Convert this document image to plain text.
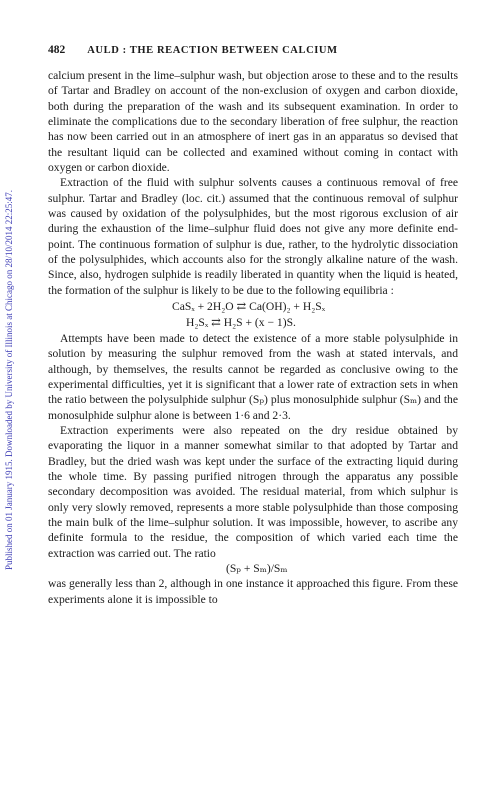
Published on 01 January 1915. Downloaded by University of Illinois at Chicago on 28/10/2014 22:25:47.
482 AULD : THE REACTION BETWEEN CALCIUM

calcium present in the lime–sulphur wash, but objection arose to these and to the results of Tartar and Bradley on account of the non-exclusion of oxygen and carbon dioxide, both during the preparation of the wash and its subsequent examination. In order to eliminate the complications due to the secondary liberation of free sulphur, the reaction has now been carried out in an atmosphere of inert gas in an apparatus so devised that the resultant liquid can be collected and examined without coming in contact with oxygen or carbon dioxide.

Extraction of the fluid with sulphur solvents causes a continuous removal of free sulphur. Tartar and Bradley (loc. cit.) assumed that the continuous removal of sulphur was caused by oxidation of the polysulphides, but the most rigorous exclusion of air during the exhaustion of the lime–sulphur fluid does not give any more definite end-point. The continuous formation of sulphur is due, rather, to the hydrolytic dissociation of the polysulphides, which accounts also for the strongly alkaline nature of the wash. Since, also, hydrogen sulphide is readily liberated in quantity when the liquid is heated, the formation of the sulphur is likely to be due to the following equilibria :

CaSₓ + 2H₂O ⇄ Ca(OH)₂ + H₂Sₓ
H₂Sₓ ⇄ H₂S + (x − 1)S.

Attempts have been made to detect the existence of a more stable polysulphide in solution by measuring the sulphur removed from the wash at stated intervals, and although, by themselves, the results cannot be regarded as conclusive owing to the experimental difficulties, yet it is significant that a lower rate of extraction sets in when the ratio between the polysulphide sulphur (Sₚ) plus monosulphide sulphur (Sₘ) and the monosulphide sulphur alone is between 1·6 and 2·3.

Extraction experiments were also repeated on the dry residue obtained by evaporating the liquor in a manner somewhat similar to that adopted by Tartar and Bradley, but the dried wash was kept under the surface of the extracting liquid during the whole time. By passing purified nitrogen through the apparatus any possible secondary decomposition was avoided. The residual material, from which sulphur is only very slowly removed, represents a more stable polysulphide than those composing the main bulk of the lime–sulphur solution. It was impossible, however, to ascribe any definite formula to the residue, the composition of which varied each time the extraction was carried out. The ratio

(Sₚ + Sₘ)/Sₘ

was generally less than 2, although in one instance it approached this figure. From these experiments alone it is impossible to
